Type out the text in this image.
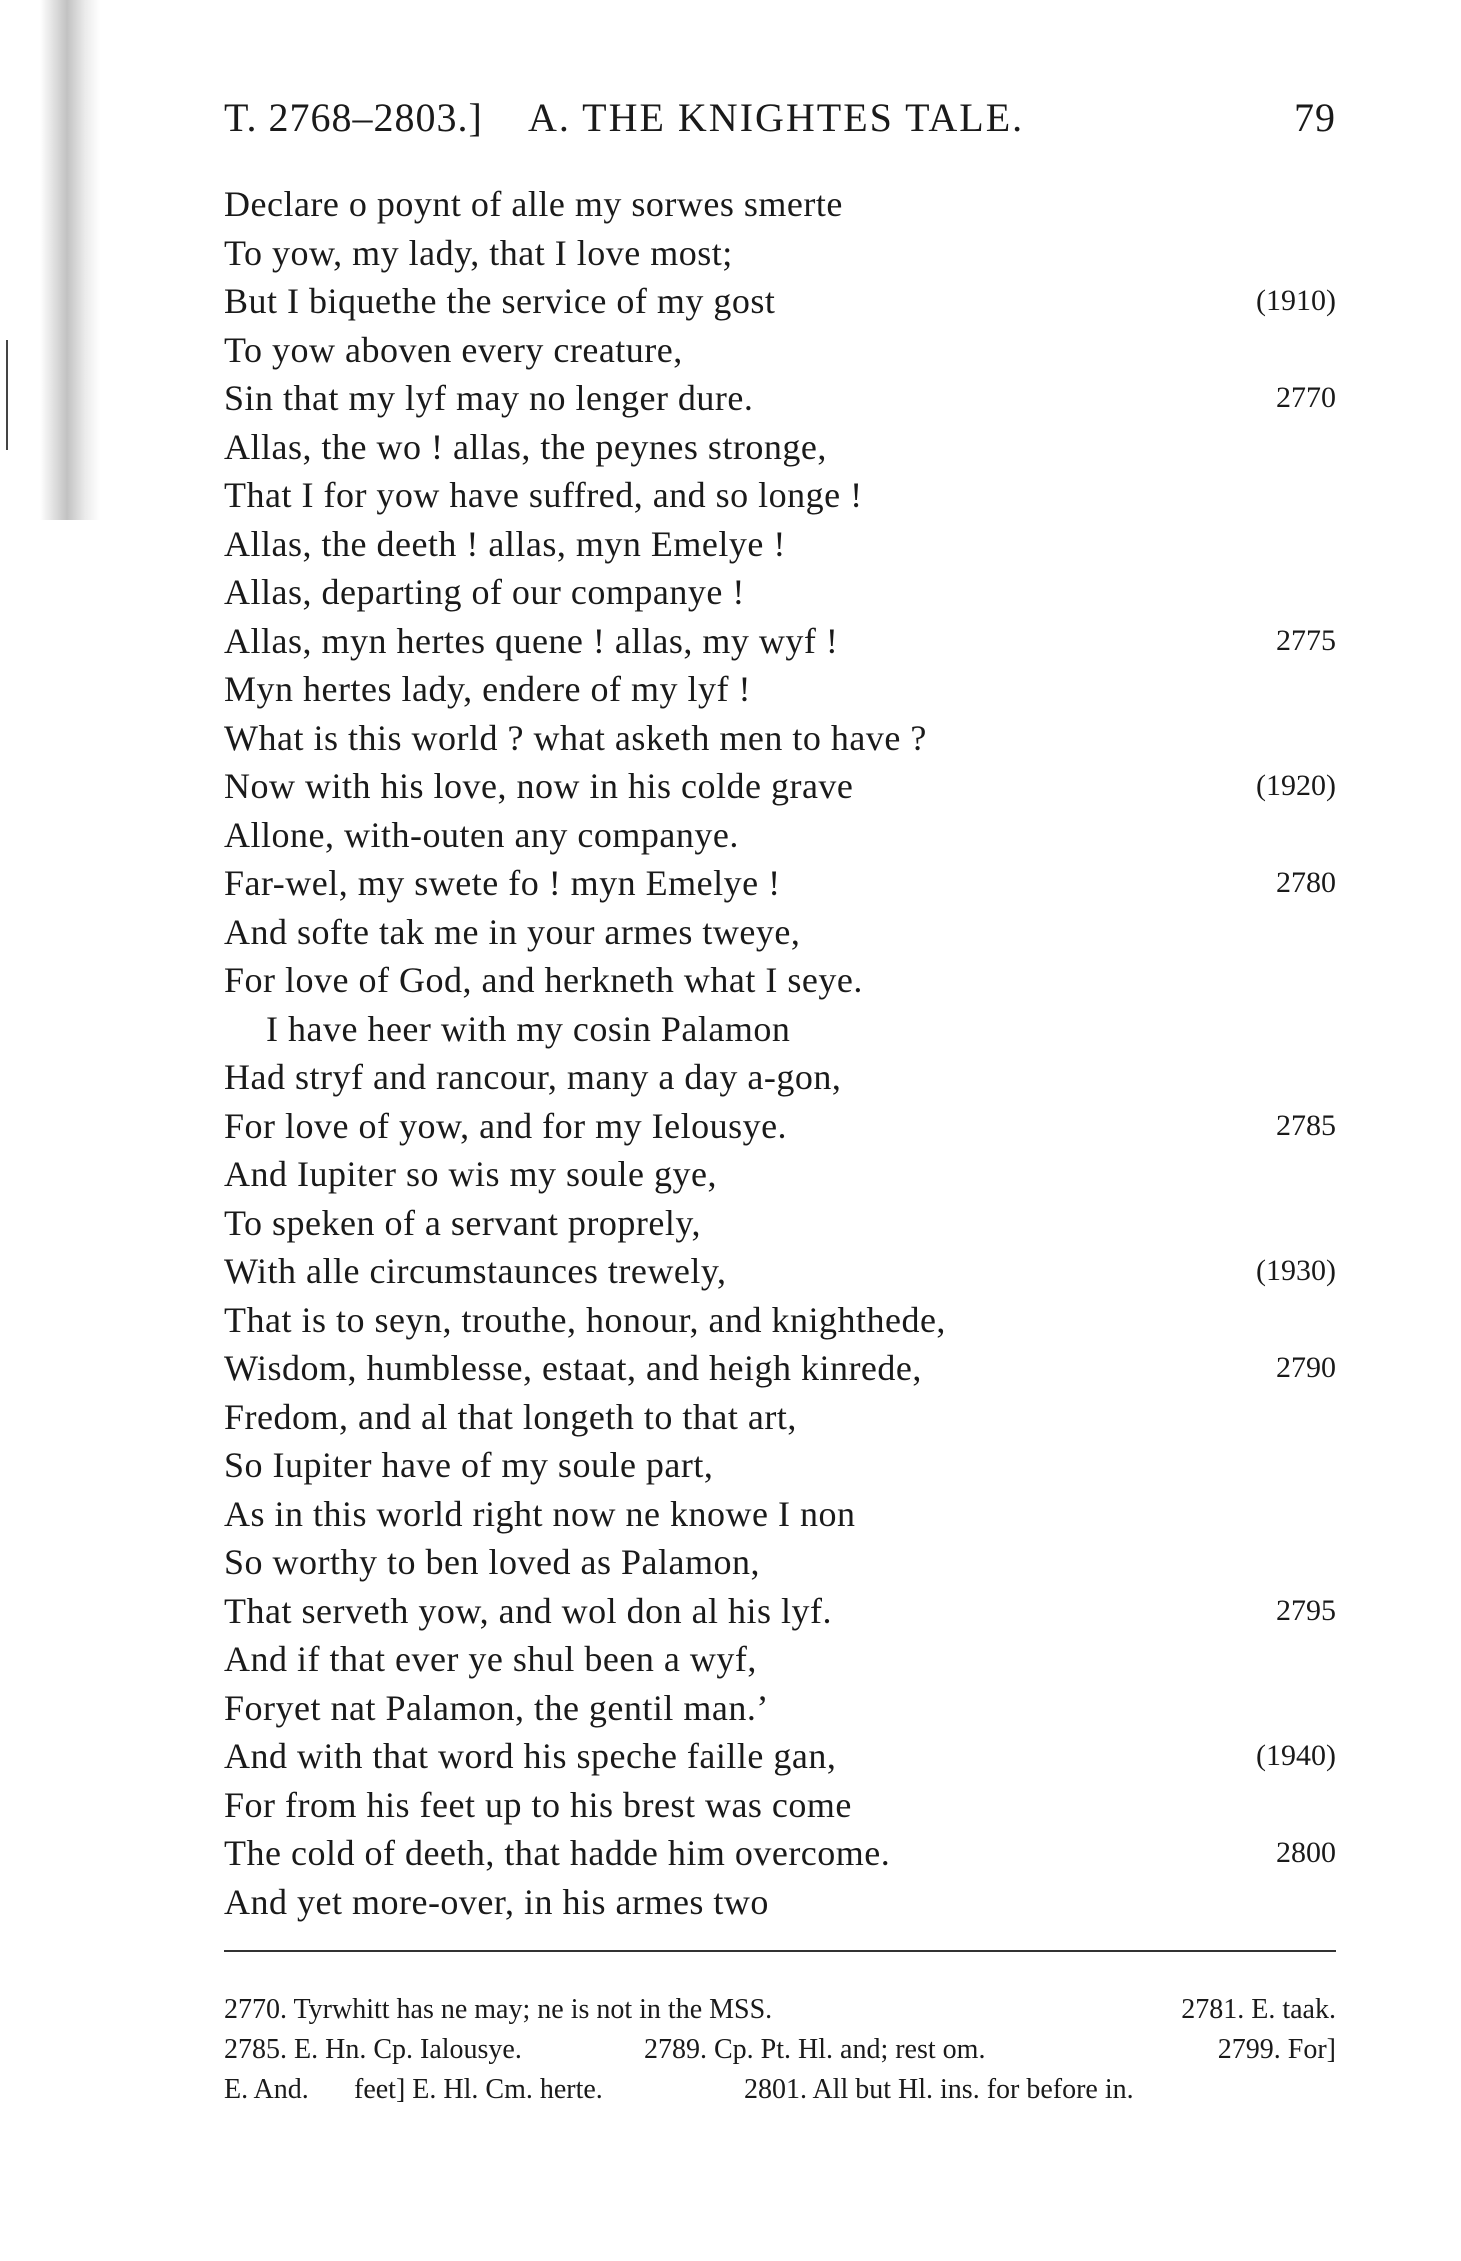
T. 2768–2803.] A. THE KNIGHTES TALE.	79
Declare o poynt of alle my sorwes smerte
To yow, my lady, that I love most;
But I biquethe the service of my gost	(1910)
To yow aboven every creature,
Sin that my lyf may no lenger dure.	2770
Allas, the wo ! allas, the peynes stronge,
That I for yow have suffred, and so longe !
Allas, the deeth ! allas, myn Emelye !
Allas, departing of our companye !
Allas, myn hertes quene ! allas, my wyf !	2775
Myn hertes lady, endere of my lyf !
What is this world ? what asketh men to have ?
Now with his love, now in his colde grave	(1920)
Allone, with-outen any companye.
Far-wel, my swete fo ! myn Emelye !	2780
And softe tak me in your armes tweye,
For love of God, and herkneth what I seye.
I have heer with my cosin Palamon
Had stryf and rancour, many a day a-gon,
For love of yow, and for my Ielousye.	2785
And Iupiter so wis my soule gye,
To speken of a servant proprely,
With alle circumstaunces trewely,	(1930)
That is to seyn, trouthe, honour, and knighthede,
Wisdom, humblesse, estaat, and heigh kinrede,	2790
Fredom, and al that longeth to that art,
So Iupiter have of my soule part,
As in this world right now ne knowe I non
So worthy to ben loved as Palamon,
That serveth yow, and wol don al his lyf.	2795
And if that ever ye shul been a wyf,
Foryet nat Palamon, the gentil man.’
And with that word his speche faille gan,	(1940)
For from his feet up to his brest was come
The cold of deeth, that hadde him overcome.	2800
And yet more-over, in his armes two
2770. Tyrwhitt has ne may; ne is not in the MSS.	2781. E. taak.
2785. E. Hn. Cp. Ialousye.	2789. Cp. Pt. Hl. and; rest om.	2799. For]
E. And. feet] E. Hl. Cm. herte.	2801. All but Hl. ins. for before in.
